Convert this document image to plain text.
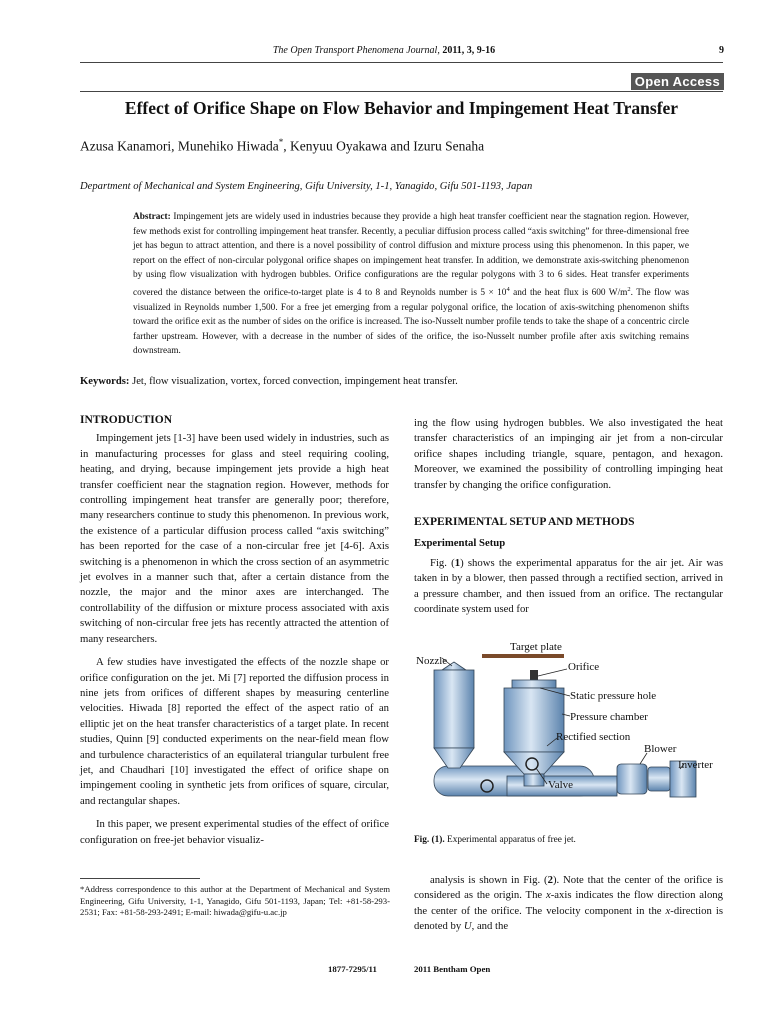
The Open Transport Phenomena Journal, 2011, 3, 9-16	9
Open Access
Effect of Orifice Shape on Flow Behavior and Impingement Heat Transfer
Azusa Kanamori, Munehiko Hiwada*, Kenyuu Oyakawa and Izuru Senaha
Department of Mechanical and System Engineering, Gifu University, 1-1, Yanagido, Gifu 501-1193, Japan
Abstract: Impingement jets are widely used in industries because they provide a high heat transfer coefficient near the stagnation region. However, few methods exist for controlling impingement heat transfer. Recently, a peculiar diffusion process called “axis switching” for three-dimensional free jet has begun to attract attention, and there is a novel possibility of control diffusion and mixture process using this phenomenon. In this paper, we report on the effect of non-circular polygonal orifice shapes on impingement heat transfer. In addition, we demonstrate axis-switching phenomenon by using flow visualization with hydrogen bubbles. Orifice configurations are the regular polygons with 3 to 6 sides. Heat transfer experiments covered the distance between the orifice-to-target plate is 4 to 8 and Reynolds number is $5 \times 10^4$ and the heat flux is 600 $W/m^2$. The flow was visualized in Reynolds number 1,500. For a free jet emerging from a regular polygonal orifice, the location of axis-switching phenomenon shifts toward the orifice exit as the number of sides on the orifice is increased. The iso-Nusselt number profile tends to take the shape of a concentric circle farther upstream. However, with a decrease in the number of sides of the orifice, the iso-Nusselt number profile after axis switching remains downstream.
Keywords: Jet, flow visualization, vortex, forced convection, impingement heat transfer.
INTRODUCTION

Impingement jets [1-3] have been used widely in industries, such as in manufacturing processes for glass and steel requiring cooling, heating, and drying, because impingement jets provide a high heat transfer coefficient near the stagnation region. However, methods for controlling impingement heat transfer are generally poor; therefore, many researchers continue to study this phenomenon. In previous work, the existence of a particular diffusion process called “axis switching” has been reported for the case of a non-circular free jet [4-6]. Axis switching is a phenomenon in which the cross section of an asymmetric jet evolves in a manner such that, after a certain distance from the nozzle, the major and the minor axes are interchanged. The controllability of the diffusion or mixture process associated with axis switching of non-circular free jets has recently attracted the attention of many researchers.

A few studies have investigated the effects of the nozzle shape or orifice configuration on the jet. Mi [7] reported the diffusion process in nine jets from orifices of different shapes by measuring centerline velocities. Hiwada [8] reported the effect of the aspect ratio of an elliptic jet on the heat transfer characteristics of a target plate. In recent studies, Quinn [9] conducted experiments on the near-field mean flow and turbulence characteristics of an equilateral triangular turbulent free jet, and Chaudhari [10] investigated the effect of orifice shape on impingement cooling in synthetic jets from orifices of square, circular, and rectangular shapes.

In this paper, we present experimental studies of the effect of orifice configuration on free-jet behavior visualiz-

ing the flow using hydrogen bubbles. We also investigated the heat transfer characteristics of an impinging air jet from a non-circular orifice shapes including triangle, square, pentagon, and hexagon. Moreover, we examined the possibility of controlling impinging heat transfer by changing the orifice configuration.

EXPERIMENTAL SETUP AND METHODS
Experimental Setup

Fig. (1) shows the experimental apparatus for the air jet. Air was taken in by a blower, then passed through a rectified section, arrived in a pressure chamber, and then issued from an orifice. The rectangular coordinate system used for

Target plate
Nozzle	Orifice
Static pressure hole
Pressure chamber
Rectified section
Blower
Inverter
Valve
Fig. (1). Experimental apparatus of free jet.

analysis is shown in Fig. (2). Note that the center of the orifice is considered as the origin. The x-axis indicates the flow direction along the center of the orifice. The velocity component in the x-direction is denoted by U, and the

*Address correspondence to this author at the Department of Mechanical and System Engineering, Gifu University, 1-1, Yanagido, Gifu 501-1193, Japan; Tel: +81-58-293-2531; Fax: +81-58-293-2491; E-mail: hiwada@gifu-u.ac.jp
1877-7295/11	2011 Bentham Open
